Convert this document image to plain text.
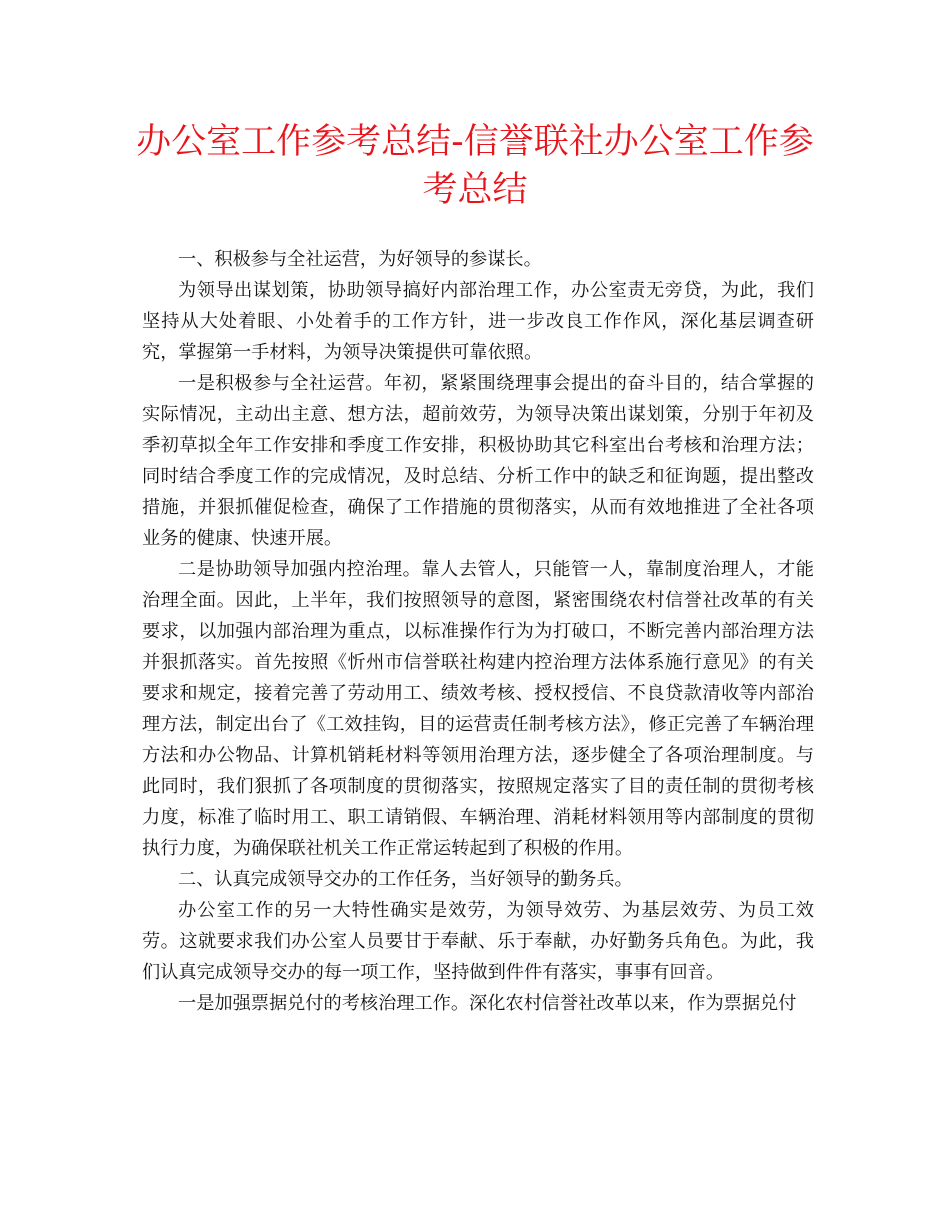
办公室工作参考总结-信誉联社办公室工作参考总结

一、积极参与全社运营，为好领导的参谋长。

为领导出谋划策，协助领导搞好内部治理工作，办公室责无旁贷，为此，我们坚持从大处着眼、小处着手的工作方针，进一步改良工作作风，深化基层调查研究，掌握第一手材料，为领导决策提供可靠依照。

一是积极参与全社运营。年初，紧紧围绕理事会提出的奋斗目的，结合掌握的实际情况，主动出主意、想方法，超前效劳，为领导决策出谋划策，分别于年初及季初草拟全年工作安排和季度工作安排，积极协助其它科室出台考核和治理方法；同时结合季度工作的完成情况，及时总结、分析工作中的缺乏和征询题，提出整改措施，并狠抓催促检查，确保了工作措施的贯彻落实，从而有效地推进了全社各项业务的健康、快速开展。

二是协助领导加强内控治理。靠人去管人，只能管一人，靠制度治理人，才能治理全面。因此，上半年，我们按照领导的意图，紧密围绕农村信誉社改革的有关要求，以加强内部治理为重点，以标准操作行为为打破口，不断完善内部治理方法并狠抓落实。首先按照《忻州市信誉联社构建内控治理方法体系施行意见》的有关要求和规定，接着完善了劳动用工、绩效考核、授权授信、不良贷款清收等内部治理方法，制定出台了《工效挂钩，目的运营责任制考核方法》，修正完善了车辆治理方法和办公物品、计算机销耗材料等领用治理方法，逐步健全了各项治理制度。与此同时，我们狠抓了各项制度的贯彻落实，按照规定落实了目的责任制的贯彻考核力度，标准了临时用工、职工请销假、车辆治理、消耗材料领用等内部制度的贯彻执行力度，为确保联社机关工作正常运转起到了积极的作用。

二、认真完成领导交办的工作任务，当好领导的勤务兵。

办公室工作的另一大特性确实是效劳，为领导效劳、为基层效劳、为员工效劳。这就要求我们办公室人员要甘于奉献、乐于奉献，办好勤务兵角色。为此，我们认真完成领导交办的每一项工作，坚持做到件件有落实，事事有回音。

一是加强票据兑付的考核治理工作。深化农村信誉社改革以来，作为票据兑付
